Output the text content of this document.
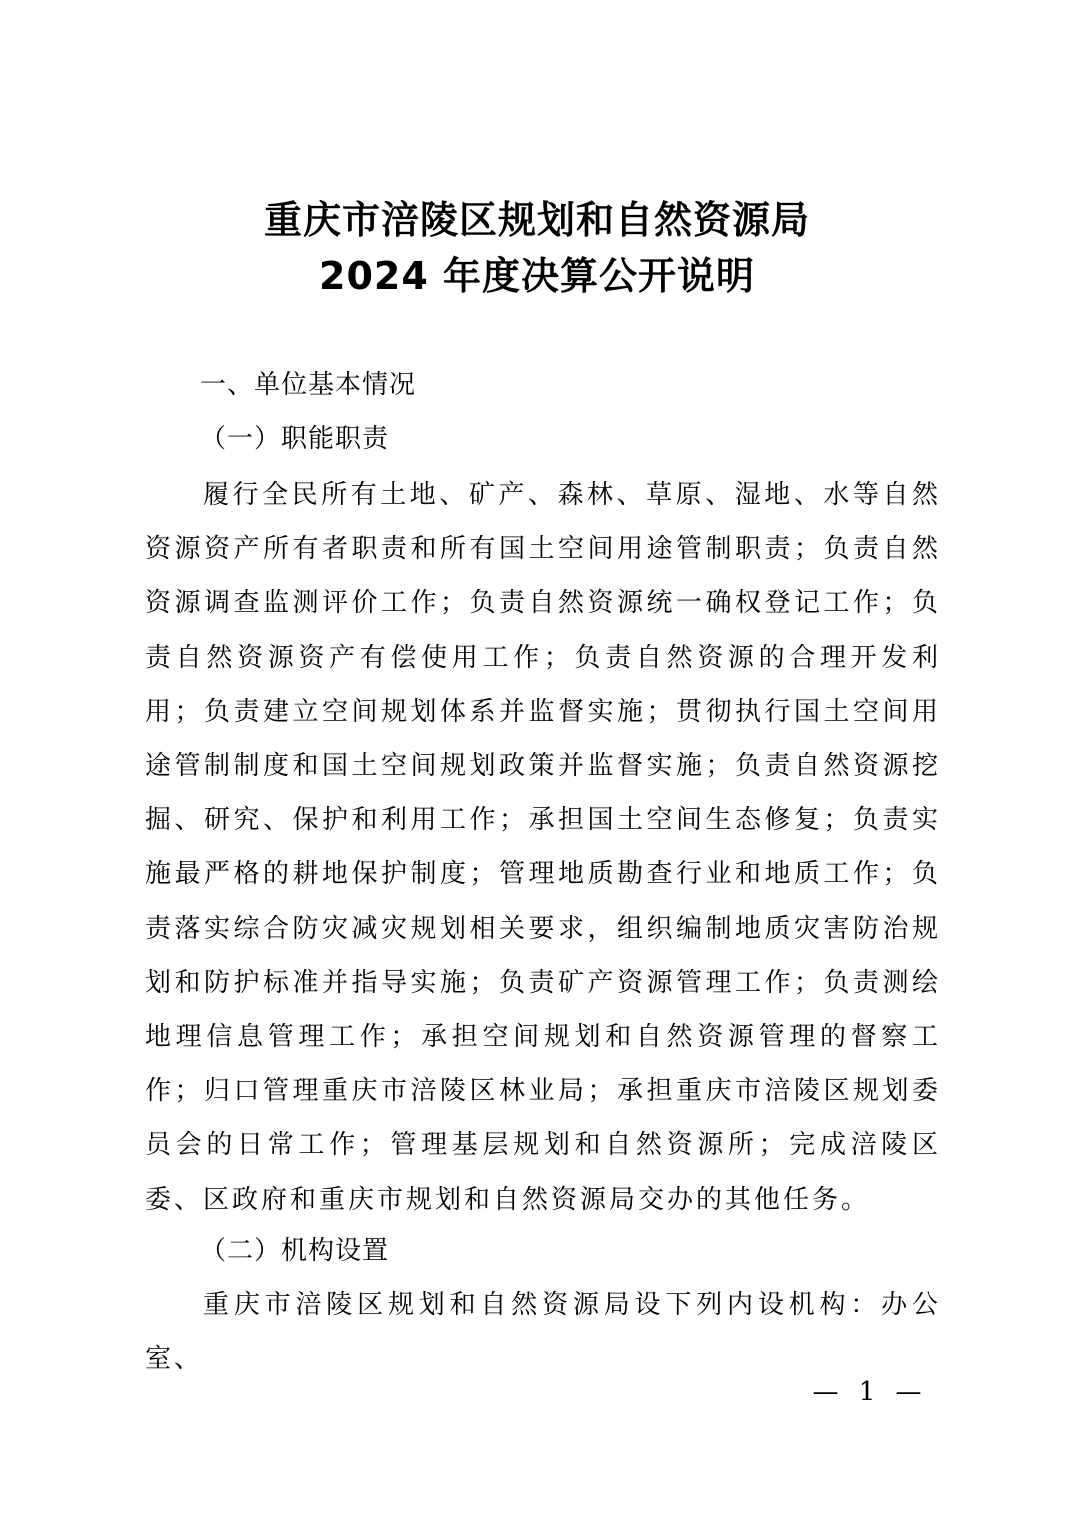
重庆市涪陵区规划和自然资源局
2024 年度决算公开说明
一、单位基本情况
（一）职能职责
履行全民所有土地、矿产、森林、草原、湿地、水等自然资源资产所有者职责和所有国土空间用途管制职责；负责自然资源调查监测评价工作；负责自然资源统一确权登记工作；负责自然资源资产有偿使用工作；负责自然资源的合理开发利用；负责建立空间规划体系并监督实施；贯彻执行国土空间用途管制制度和国土空间规划政策并监督实施；负责自然资源挖掘、研究、保护和利用工作；承担国土空间生态修复；负责实施最严格的耕地保护制度；管理地质勘查行业和地质工作；负责落实综合防灾减灾规划相关要求，组织编制地质灾害防治规划和防护标准并指导实施；负责矿产资源管理工作；负责测绘地理信息管理工作；承担空间规划和自然资源管理的督察工作；归口管理重庆市涪陵区林业局；承担重庆市涪陵区规划委员会的日常工作；管理基层规划和自然资源所；完成涪陵区委、区政府和重庆市规划和自然资源局交办的其他任务。
（二）机构设置
重庆市涪陵区规划和自然资源局设下列内设机构：办公室、
— 1 —
